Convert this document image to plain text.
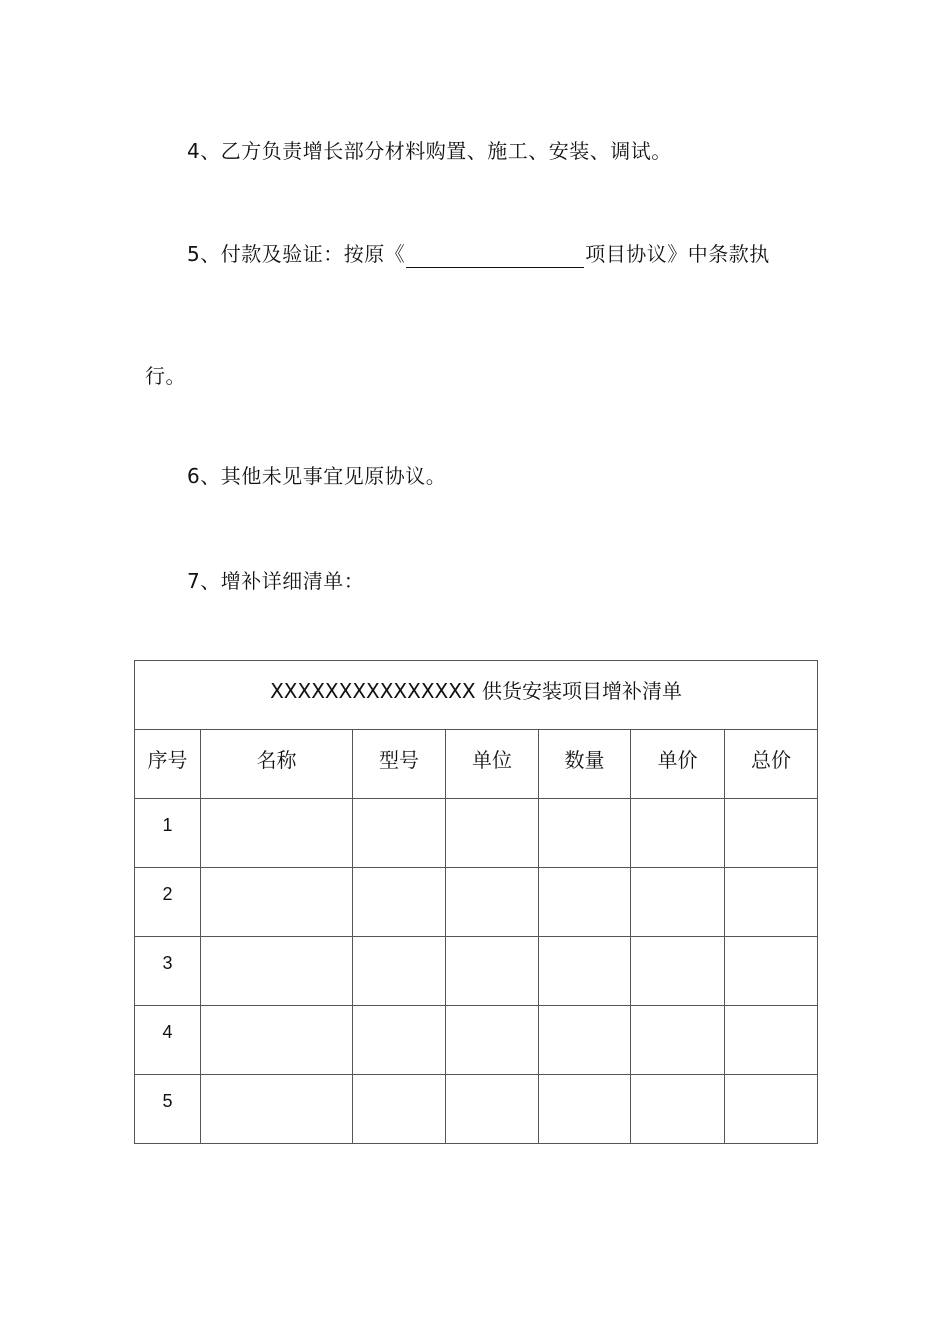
4、乙方负责增长部分材料购置、施工、安装、调试。
5、付款及验证：按原《	项目协议》中条款执
行。
6、其他未见事宜见原协议。
7、增补详细清单：
XXXXXXXXXXXXXXX 供货安装项目增补清单						
序号	名称	型号	单位	数量	单价	总价
1						
2						
3						
4						
5						
